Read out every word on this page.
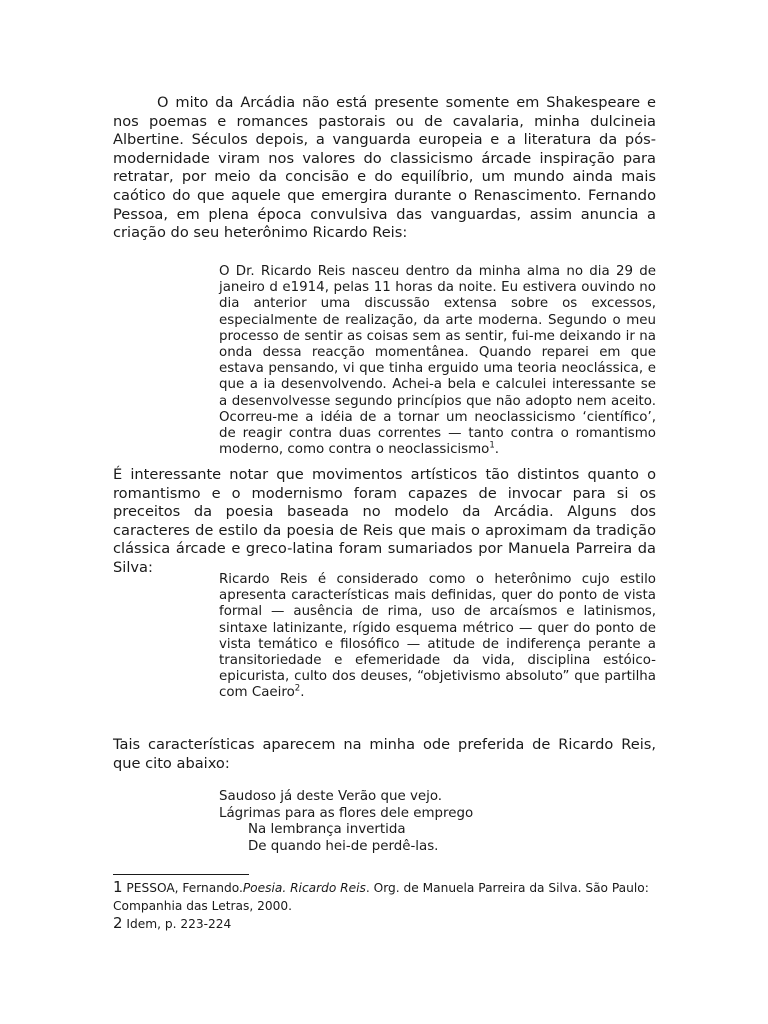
O mito da Arcádia não está presente somente em Shakespeare e nos poemas e romances pastorais ou de cavalaria, minha dulcineia Albertine. Séculos depois, a vanguarda europeia e a literatura da pós-modernidade viram nos valores do classicismo árcade inspiração para retratar, por meio da concisão e do equilíbrio, um mundo ainda mais caótico do que aquele que emergira durante o Renascimento. Fernando Pessoa, em plena época convulsiva das vanguardas, assim anuncia a criação do seu heterônimo Ricardo Reis:

O Dr. Ricardo Reis nasceu dentro da minha alma no dia 29 de janeiro d e1914, pelas 11 horas da noite. Eu estivera ouvindo no dia anterior uma discussão extensa sobre os excessos, especialmente de realização, da arte moderna. Segundo o meu processo de sentir as coisas sem as sentir, fui-me deixando ir na onda dessa reacção momentânea. Quando reparei em que estava pensando, vi que tinha erguido uma teoria neoclássica, e que a ia desenvolvendo. Achei-a bela e calculei interessante se a desenvolvesse segundo princípios que não adopto nem aceito. Ocorreu-me a idéia de a tornar um neoclassicismo ‘científico’, de reagir contra duas correntes — tanto contra o romantismo moderno, como contra o neoclassicismo$^1$.

É interessante notar que movimentos artísticos tão distintos quanto o romantismo e o modernismo foram capazes de invocar para si os preceitos da poesia baseada no modelo da Arcádia. Alguns dos caracteres de estilo da poesia de Reis que mais o aproximam da tradição clássica árcade e greco-latina foram sumariados por Manuela Parreira da Silva:

Ricardo Reis é considerado como o heterônimo cujo estilo apresenta características mais definidas, quer do ponto de vista formal — ausência de rima, uso de arcaísmos e latinismos, sintaxe latinizante, rígido esquema métrico — quer do ponto de vista temático e filosófico — atitude de indiferença perante a transitoriedade e efemeridade da vida, disciplina estóico-epicurista, culto dos deuses, “objetivismo absoluto” que partilha com Caeiro$^2$.

Tais características aparecem na minha ode preferida de Ricardo Reis, que cito abaixo:

Saudoso já deste Verão que vejo.
Lágrimas para as flores dele emprego
Na lembrança invertida
De quando hei-de perdê-las.
1 PESSOA, Fernando.Poesia. Ricardo Reis. Org. de Manuela Parreira da Silva. São Paulo: Companhia das Letras, 2000.
2 Idem, p. 223-224
